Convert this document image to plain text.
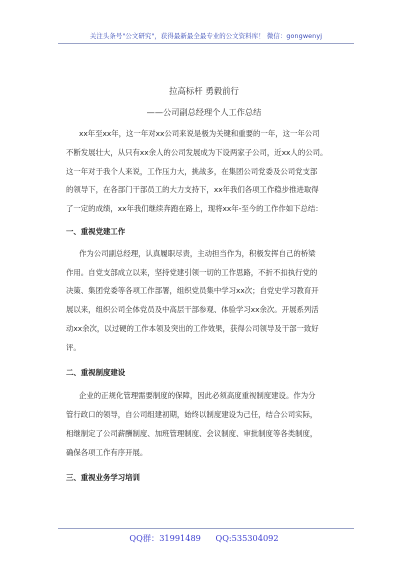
关注头条号"公文研究"，获得最新最全最专业的公文资料库！ 微信：gongwenyj
拉高标杆 勇毅前行
——公司副总经理个人工作总结
xx年至xx年，这一年对xx公司来说是极为关键和重要的一年，这一年公司
不断发展壮大，从只有xx余人的公司发展成为下设两家子公司，近xx人的公司。
这一年对于我个人来说，工作压力大，挑战多，在集团公司党委及公司党支部
的领导下，在各部门干部员工的大力支持下，xx年我们各项工作稳步推进取得
了一定的成绩，xx年我们继续奔跑在路上，现将xx年-至今的工作作如下总结：
一、重视党建工作
作为公司副总经理，认真履职尽责，主动担当作为，积极发挥自己的桥梁
作用。自党支部成立以来，坚持党建引领一切的工作思路，不折不扣执行党的
决策、集团党委等各项工作部署，组织党员集中学习xx次；自党史学习教育开
展以来，组织公司全体党员及中高层干部参观、体验学习xx余次。开展系列活
动xx余次，以过硬的工作本领及突出的工作效果，获得公司领导及干部一致好
评。
二、重视制度建设
企业的正规化管理需要制度的保障，因此必须高度重视制度建设。作为分
管行政口的领导，自公司组建初期，始终以制度建设为己任，结合公司实际，
相继制定了公司薪酬制度、加班管理制度、会议制度、审批制度等各类制度，
确保各项工作有序开展。
三、重视业务学习培训
QQ群：31991489 QQ:535304092
